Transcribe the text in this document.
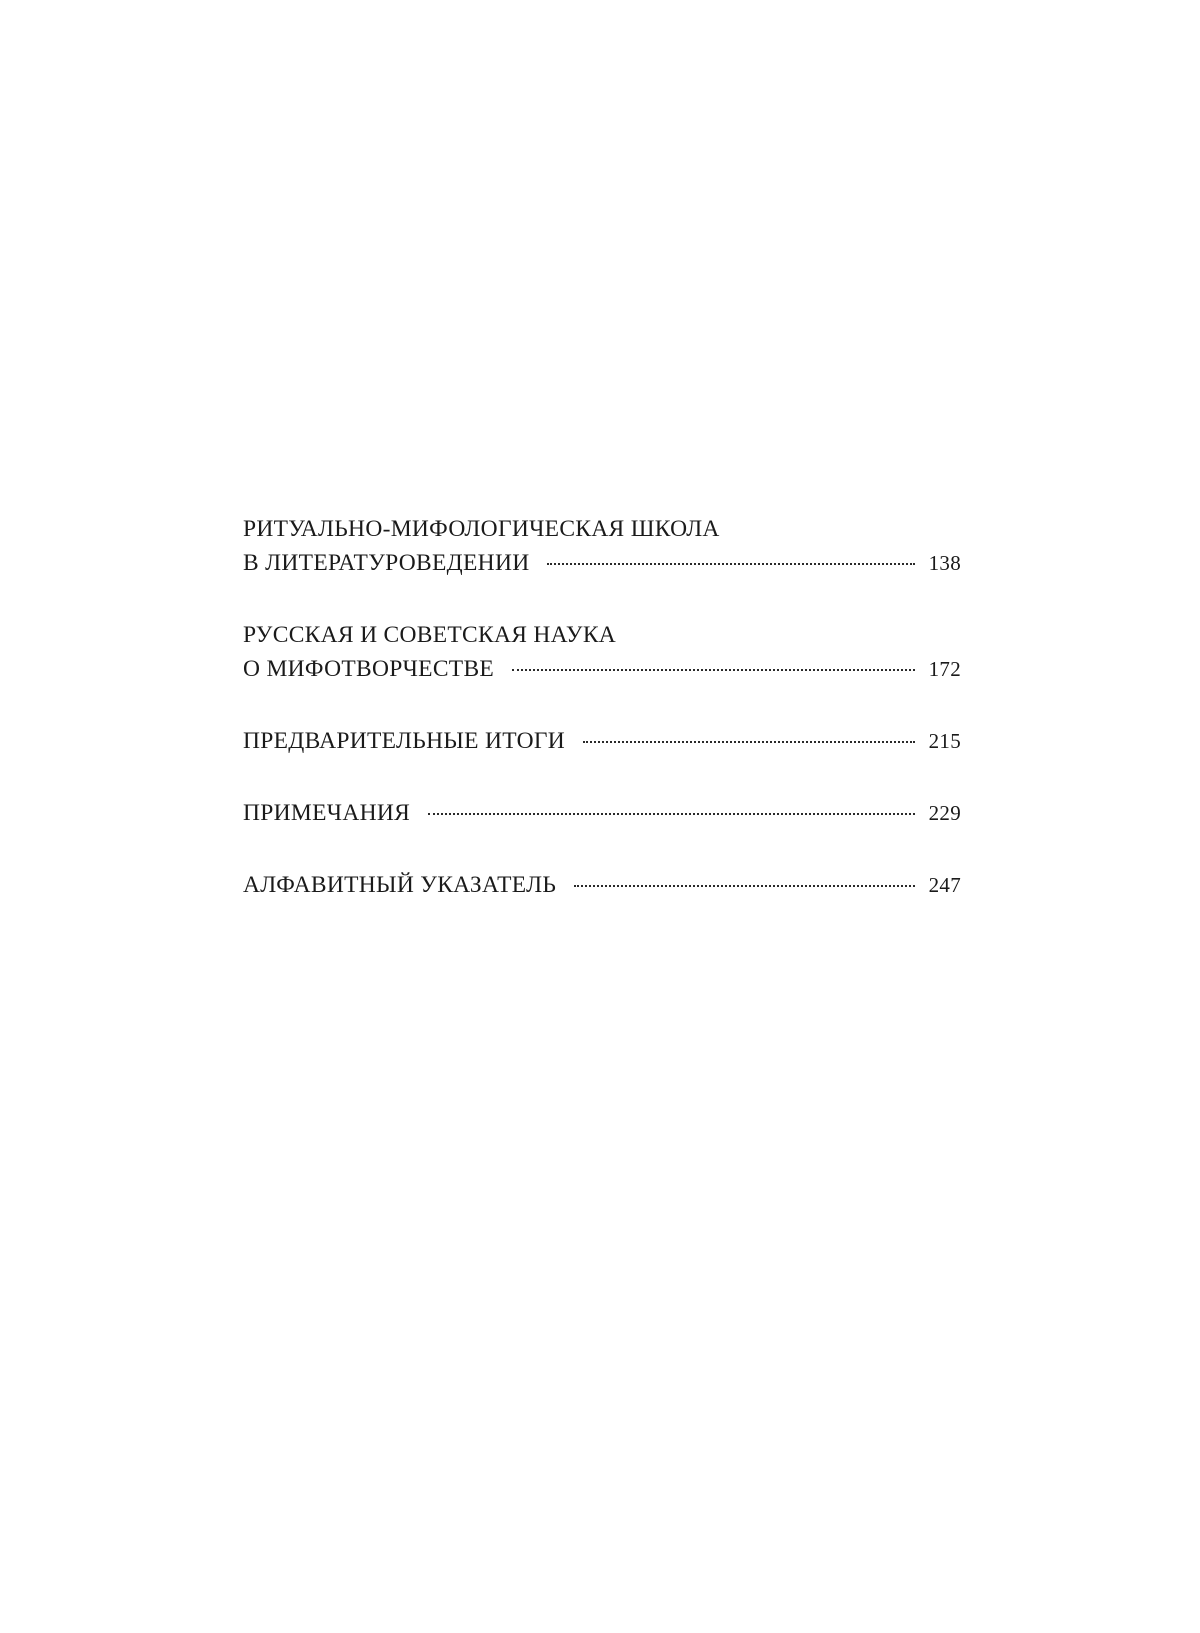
РИТУАЛЬНО-МИФОЛОГИЧЕСКАЯ ШКОЛА
В ЛИТЕРАТУРОВЕДЕНИИ	138
РУССКАЯ И СОВЕТСКАЯ НАУКА
О МИФОТВОРЧЕСТВЕ	172
ПРЕДВАРИТЕЛЬНЫЕ ИТОГИ	215
ПРИМЕЧАНИЯ	229
АЛФАВИТНЫЙ УКАЗАТЕЛЬ	247
